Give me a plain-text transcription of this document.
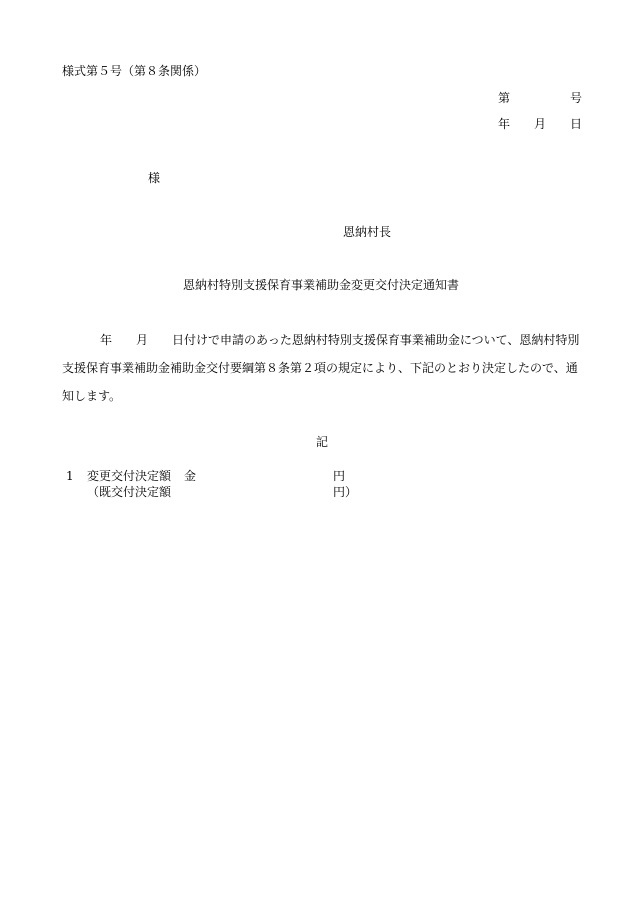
様式第５号（第８条関係）
第	号
年 月 日
様
恩納村長
恩納村特別支援保育事業補助金変更交付決定通知書
年 月 日付けで申請のあった恩納村特別支援保育事業補助金について、恩納村特別
支援保育事業補助金補助金交付要綱第８条第２項の規定により、下記のとおり決定したので、通
知します。
記
1 変更交付決定額 金	円
（既交付決定額	円）
